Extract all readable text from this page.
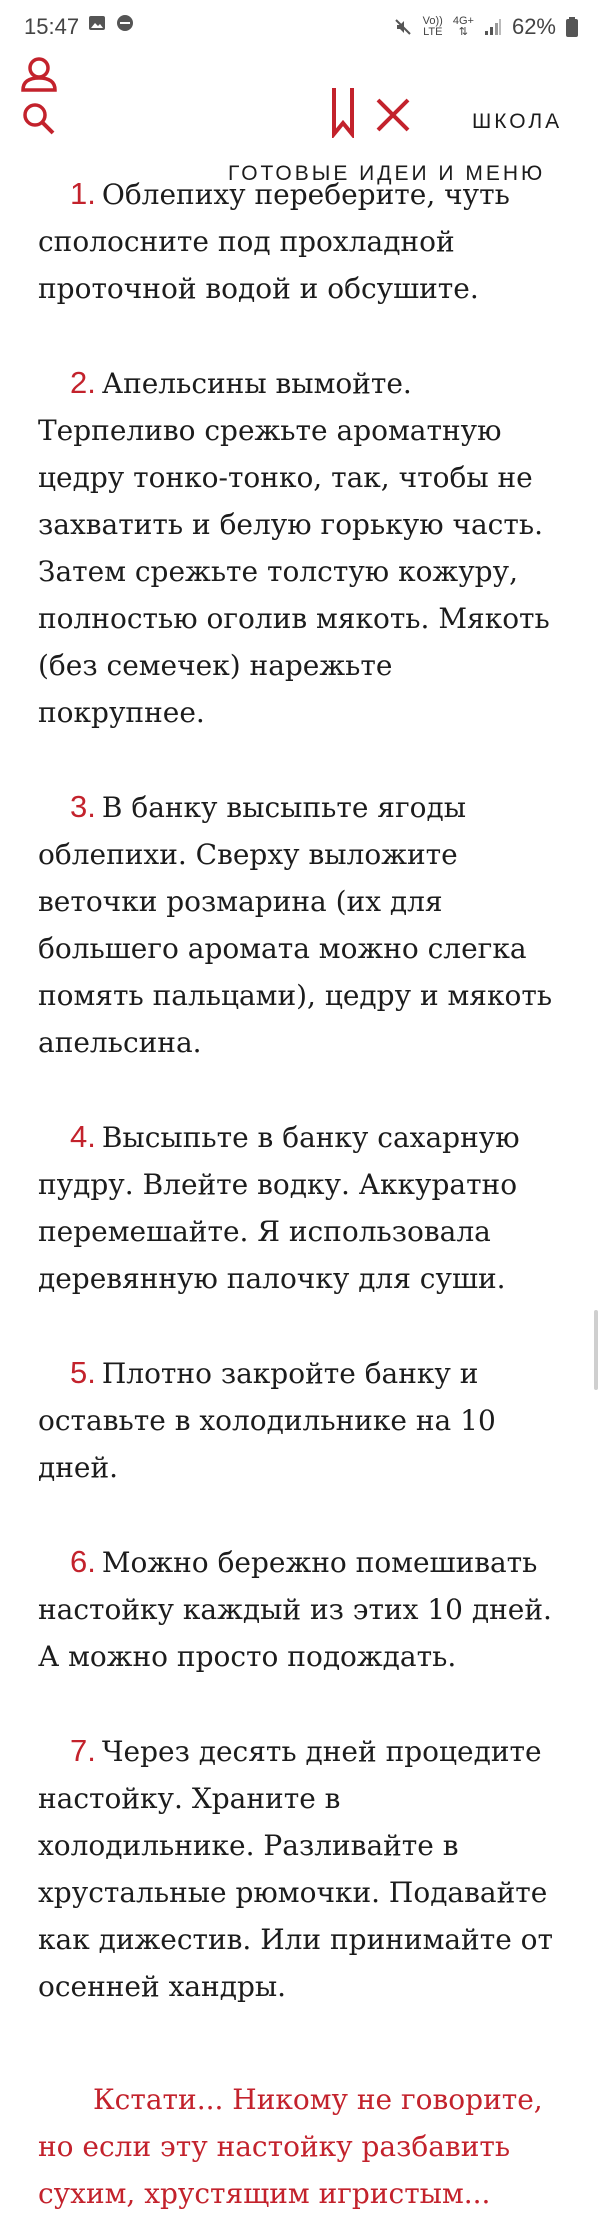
15:47	Vo))
LTE
4G+
⇅ 62%
ШКОЛА
ГОТОВЫЕ ИДЕИ И МЕНЮ

1. Облепиху переберите, чуть сполосните под прохладной проточной водой и обсушите.

2. Апельсины вымойте. Терпеливо срежьте ароматную цедру тонко-тонко, так, чтобы не захватить и белую горькую часть. Затем срежьте толстую кожуру, полностью оголив мякоть. Мякоть (без семечек) нарежьте покрупнее.

3. В банку высыпьте ягоды облепихи. Сверху выложите веточки розмарина (их для большего аромата можно слегка помять пальцами), цедру и мякоть апельсина.

4. Высыпьте в банку сахарную пудру. Влейте водку. Аккуратно перемешайте. Я использовала деревянную палочку для суши.

5. Плотно закройте банку и оставьте в холодильнике на 10 дней.

6. Можно бережно помешивать настойку каждый из этих 10 дней. А можно просто подождать.

7. Через десять дней процедите настойку. Храните в холодильнике. Разливайте в хрустальные рюмочки. Подавайте как дижестив. Или принимайте от осенней хандры.

Кстати... Никому не говорите, но если эту настойку разбавить сухим, хрустящим игристым...
